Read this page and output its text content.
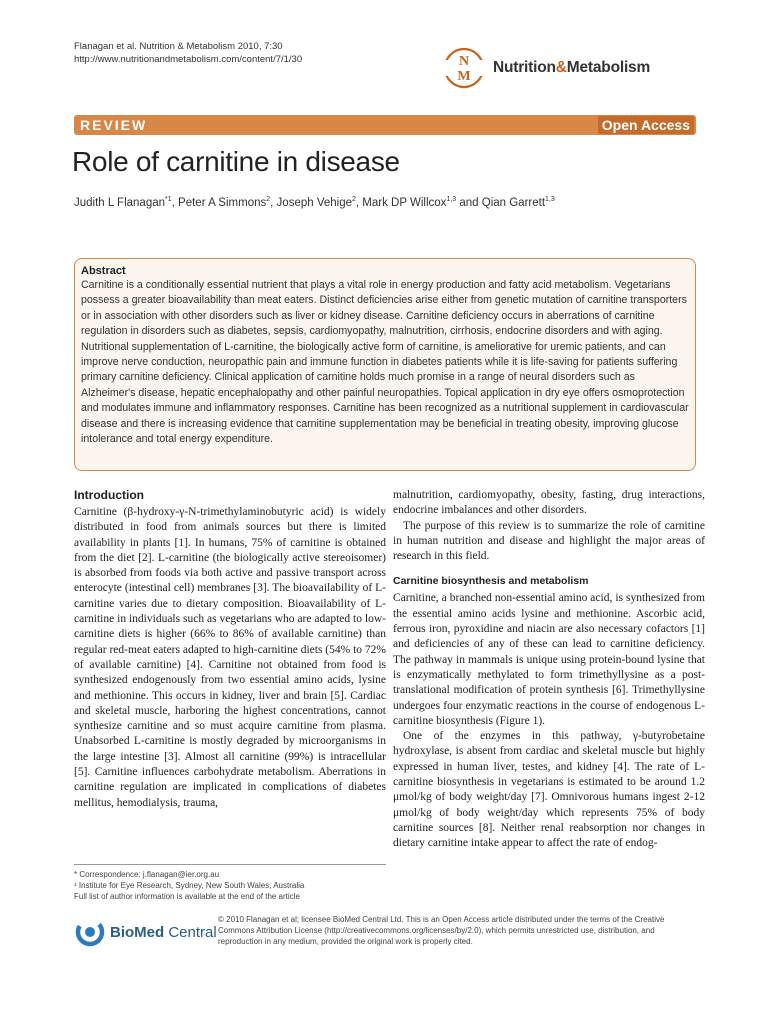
Flanagan et al. Nutrition & Metabolism 2010, 7:30
http://www.nutritionandmetabolism.com/content/7/1/30	N
M
Nutrition&Metabolism
REVIEW	Open Access
Role of carnitine in disease
Judith L Flanagan$^{*1}$, Peter A Simmons$^2$, Joseph Vehige$^2$, Mark DP Willcox$^{1,3}$ and Qian Garrett$^{1,3}$
Abstract

Carnitine is a conditionally essential nutrient that plays a vital role in energy production and fatty acid metabolism. Vegetarians possess a greater bioavailability than meat eaters. Distinct deficiencies arise either from genetic mutation of carnitine transporters or in association with other disorders such as liver or kidney disease. Carnitine deficiency occurs in aberrations of carnitine regulation in disorders such as diabetes, sepsis, cardiomyopathy, malnutrition, cirrhosis, endocrine disorders and with aging. Nutritional supplementation of L-carnitine, the biologically active form of carnitine, is ameliorative for uremic patients, and can improve nerve conduction, neuropathic pain and immune function in diabetes patients while it is life-saving for patients suffering primary carnitine deficiency. Clinical application of carnitine holds much promise in a range of neural disorders such as Alzheimer's disease, hepatic encephalopathy and other painful neuropathies. Topical application in dry eye offers osmoprotection and modulates immune and inflammatory responses. Carnitine has been recognized as a nutritional supplement in cardiovascular disease and there is increasing evidence that carnitine supplementation may be beneficial in treating obesity, improving glucose intolerance and total energy expenditure.

Introduction

Carnitine (β-hydroxy-γ-N-trimethylaminobutyric acid) is widely distributed in food from animals sources but there is limited availability in plants [1]. In humans, 75% of carnitine is obtained from the diet [2]. L-carnitine (the biologically active stereoisomer) is absorbed from foods via both active and passive transport across enterocyte (intestinal cell) membranes [3]. The bioavailability of L-carnitine varies due to dietary composition. Bioavailability of L-carnitine in individuals such as vegetarians who are adapted to low-carnitine diets is higher (66% to 86% of available carnitine) than regular red-meat eaters adapted to high-carnitine diets (54% to 72% of available carnitine) [4]. Carnitine not obtained from food is synthesized endogenously from two essential amino acids, lysine and methionine. This occurs in kidney, liver and brain [5]. Cardiac and skeletal muscle, harboring the highest concentrations, cannot synthesize carnitine and so must acquire carnitine from plasma. Unabsorbed L-carnitine is mostly degraded by microorganisms in the large intestine [3]. Almost all carnitine (99%) is intracellular [5]. Carnitine influences carbohydrate metabolism. Aberrations in carnitine regulation are implicated in complications of diabetes mellitus, hemodialysis, trauma,

malnutrition, cardiomyopathy, obesity, fasting, drug interactions, endocrine imbalances and other disorders.

The purpose of this review is to summarize the role of carnitine in human nutrition and disease and highlight the major areas of research in this field.

Carnitine biosynthesis and metabolism

Carnitine, a branched non-essential amino acid, is synthesized from the essential amino acids lysine and methionine. Ascorbic acid, ferrous iron, pyroxidine and niacin are also necessary cofactors [1] and deficiencies of any of these can lead to carnitine deficiency. The pathway in mammals is unique using protein-bound lysine that is enzymatically methylated to form trimethyllysine as a post-translational modification of protein synthesis [6]. Trimethyllysine undergoes four enzymatic reactions in the course of endogenous L-carnitine biosynthesis (Figure 1).

One of the enzymes in this pathway, γ-butyrobetaine hydroxylase, is absent from cardiac and skeletal muscle but highly expressed in human liver, testes, and kidney [4]. The rate of L-carnitine biosynthesis in vegetarians is estimated to be around 1.2 μmol/kg of body weight/day [7]. Omnivorous humans ingest 2-12 μmol/kg of body weight/day which represents 75% of body carnitine sources [8]. Neither renal reabsorption nor changes in dietary carnitine intake appear to affect the rate of endog-

* Correspondence: j.flanagan@ier.org.au
¹ Institute for Eye Research, Sydney, New South Wales, Australia
Full list of author information is available at the end of the article
BioMed Central

© 2010 Flanagan et al; licensee BioMed Central Ltd. This is an Open Access article distributed under the terms of the Creative Commons Attribution License (http://creativecommons.org/licenses/by/2.0), which permits unrestricted use, distribution, and reproduction in any medium, provided the original work is properly cited.
